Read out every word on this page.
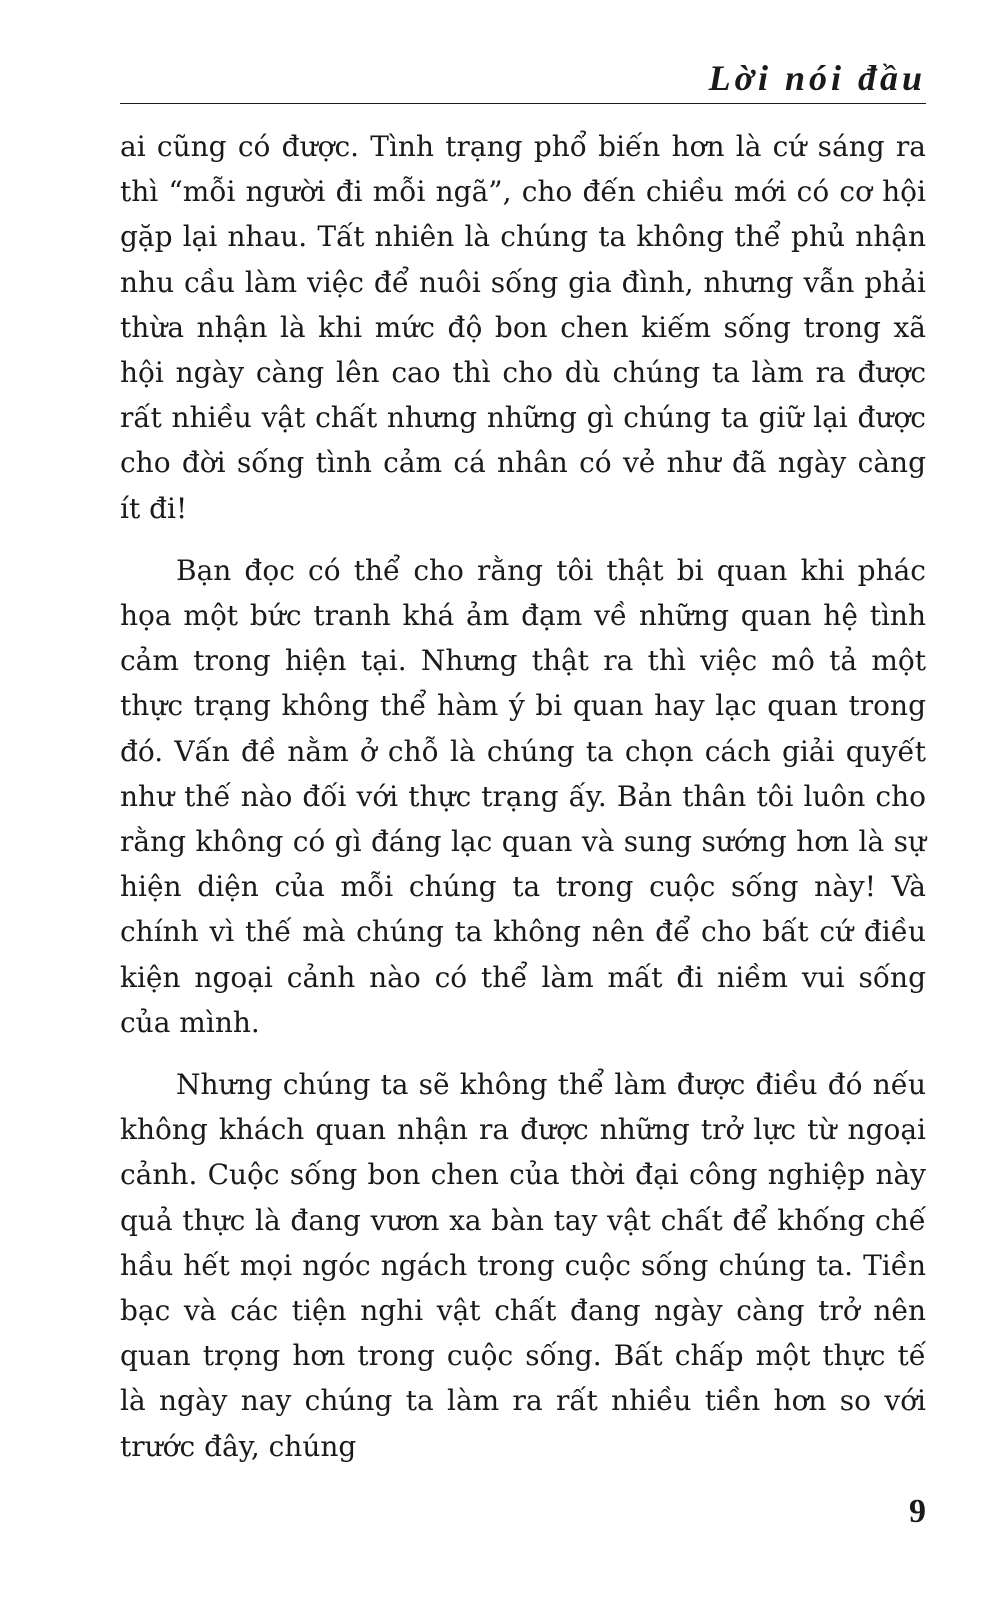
Lời nói đầu

ai cũng có được. Tình trạng phổ biến hơn là cứ sáng ra thì “mỗi người đi mỗi ngã”, cho đến chiều mới có cơ hội gặp lại nhau. Tất nhiên là chúng ta không thể phủ nhận nhu cầu làm việc để nuôi sống gia đình, nhưng vẫn phải thừa nhận là khi mức độ bon chen kiếm sống trong xã hội ngày càng lên cao thì cho dù chúng ta làm ra được rất nhiều vật chất nhưng những gì chúng ta giữ lại được cho đời sống tình cảm cá nhân có vẻ như đã ngày càng ít đi!

Bạn đọc có thể cho rằng tôi thật bi quan khi phác họa một bức tranh khá ảm đạm về những quan hệ tình cảm trong hiện tại. Nhưng thật ra thì việc mô tả một thực trạng không thể hàm ý bi quan hay lạc quan trong đó. Vấn đề nằm ở chỗ là chúng ta chọn cách giải quyết như thế nào đối với thực trạng ấy. Bản thân tôi luôn cho rằng không có gì đáng lạc quan và sung sướng hơn là sự hiện diện của mỗi chúng ta trong cuộc sống này! Và chính vì thế mà chúng ta không nên để cho bất cứ điều kiện ngoại cảnh nào có thể làm mất đi niềm vui sống của mình.

Nhưng chúng ta sẽ không thể làm được điều đó nếu không khách quan nhận ra được những trở lực từ ngoại cảnh. Cuộc sống bon chen của thời đại công nghiệp này quả thực là đang vươn xa bàn tay vật chất để khống chế hầu hết mọi ngóc ngách trong cuộc sống chúng ta. Tiền bạc và các tiện nghi vật chất đang ngày càng trở nên quan trọng hơn trong cuộc sống. Bất chấp một thực tế là ngày nay chúng ta làm ra rất nhiều tiền hơn so với trước đây, chúng

9
